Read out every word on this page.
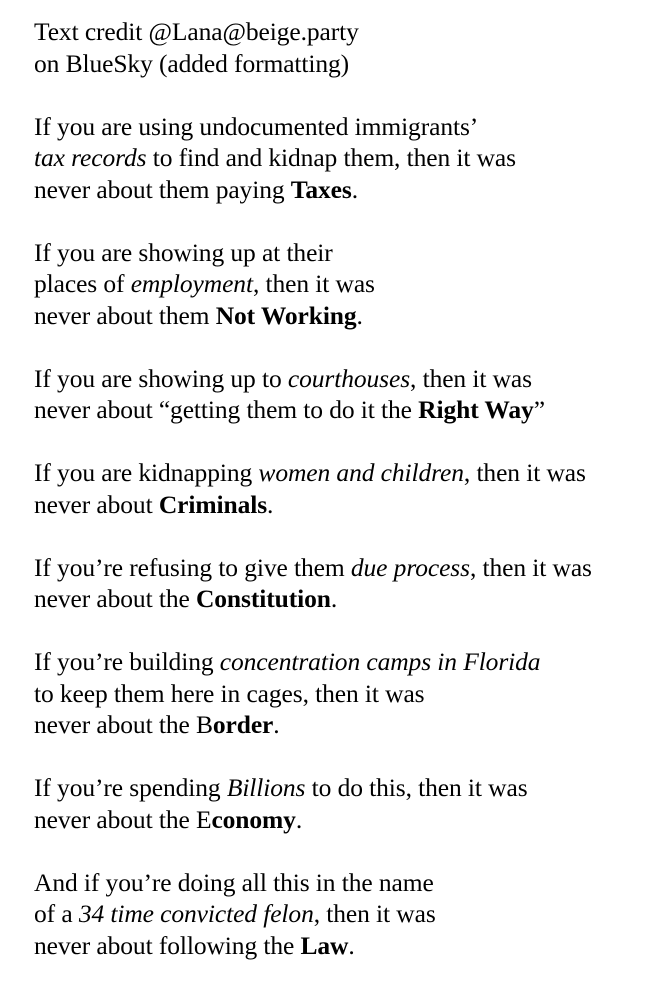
Text credit @Lana@beige.party
on BlueSky (added formatting)
If you are using undocumented immigrants’
tax records to find and kidnap them, then it was
never about them paying Taxes.
If you are showing up at their
places of employment, then it was
never about them Not Working.
If you are showing up to courthouses, then it was
never about “getting them to do it the Right Way”
If you are kidnapping women and children, then it was
never about Criminals.
If you’re refusing to give them due process, then it was
never about the Constitution.
If you’re building concentration camps in Florida
to keep them here in cages, then it was
never about the Border.
If you’re spending Billions to do this, then it was
never about the Economy.
And if you’re doing all this in the name
of a 34 time convicted felon, then it was
never about following the Law.
